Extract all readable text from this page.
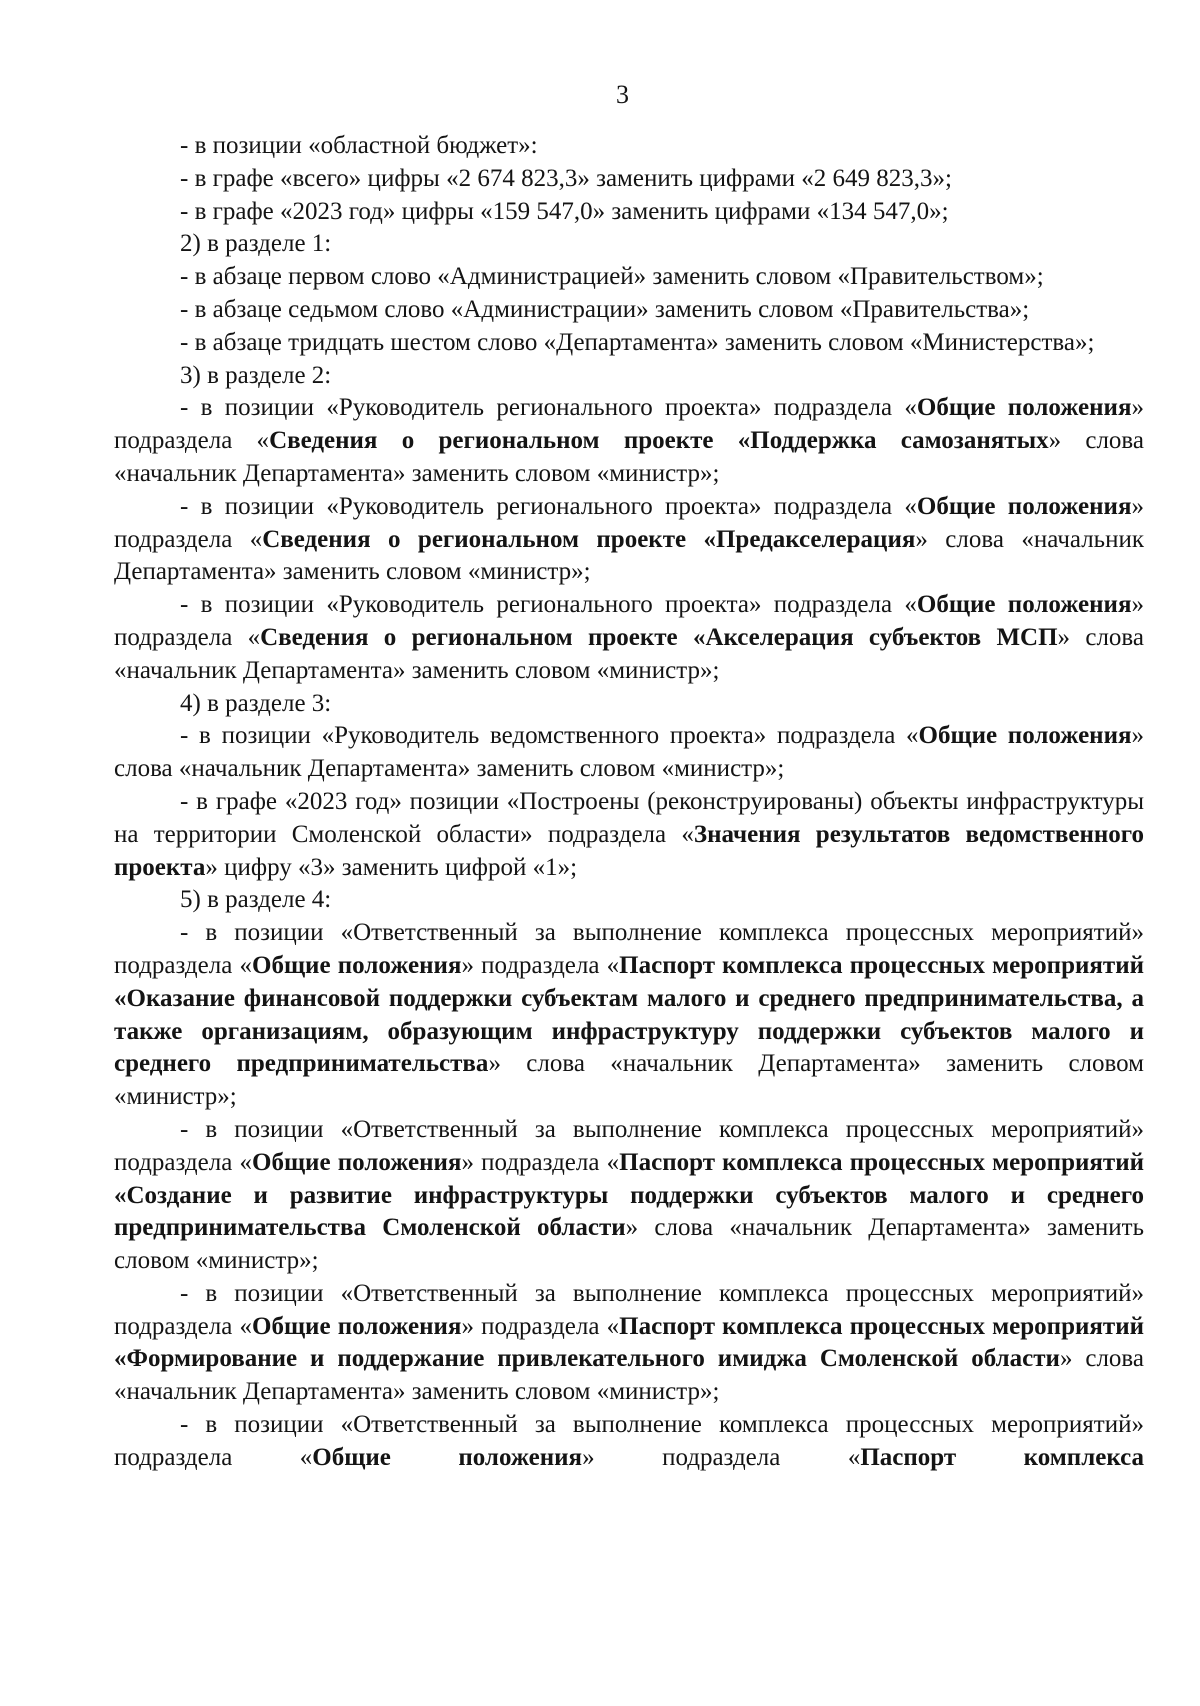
3

- в позиции «областной бюджет»:

- в графе «всего» цифры «2 674 823,3» заменить цифрами «2 649 823,3»;

- в графе «2023 год» цифры «159 547,0» заменить цифрами «134 547,0»;

2) в разделе 1:

- в абзаце первом слово «Администрацией» заменить словом «Правительством»;

- в абзаце седьмом слово «Администрации» заменить словом «Правительства»;

- в абзаце тридцать шестом слово «Департамента» заменить словом «Министерства»;

3) в разделе 2:

- в позиции «Руководитель регионального проекта» подраздела «Общие положения» подраздела «Сведения о региональном проекте «Поддержка самозанятых» слова «начальник Департамента» заменить словом «министр»;

- в позиции «Руководитель регионального проекта» подраздела «Общие положения» подраздела «Сведения о региональном проекте «Предакселерация» слова «начальник Департамента» заменить словом «министр»;

- в позиции «Руководитель регионального проекта» подраздела «Общие положения» подраздела «Сведения о региональном проекте «Акселерация субъектов МСП» слова «начальник Департамента» заменить словом «министр»;

4) в разделе 3:

- в позиции «Руководитель ведомственного проекта» подраздела «Общие положения» слова «начальник Департамента» заменить словом «министр»;

- в графе «2023 год» позиции «Построены (реконструированы) объекты инфраструктуры на территории Смоленской области» подраздела «Значения результатов ведомственного проекта» цифру «3» заменить цифрой «1»;

5) в разделе 4:

- в позиции «Ответственный за выполнение комплекса процессных мероприятий» подраздела «Общие положения» подраздела «Паспорт комплекса процессных мероприятий «Оказание финансовой поддержки субъектам малого и среднего предпринимательства, а также организациям, образующим инфраструктуру поддержки субъектов малого и среднего предпринимательства» слова «начальник Департамента» заменить словом «министр»;

- в позиции «Ответственный за выполнение комплекса процессных мероприятий» подраздела «Общие положения» подраздела «Паспорт комплекса процессных мероприятий «Создание и развитие инфраструктуры поддержки субъектов малого и среднего предпринимательства Смоленской области» слова «начальник Департамента» заменить словом «министр»;

- в позиции «Ответственный за выполнение комплекса процессных мероприятий» подраздела «Общие положения» подраздела «Паспорт комплекса процессных мероприятий «Формирование и поддержание привлекательного имиджа Смоленской области» слова «начальник Департамента» заменить словом «министр»;

- в позиции «Ответственный за выполнение комплекса процессных мероприятий» подраздела «Общие положения» подраздела «Паспорт комплекса
